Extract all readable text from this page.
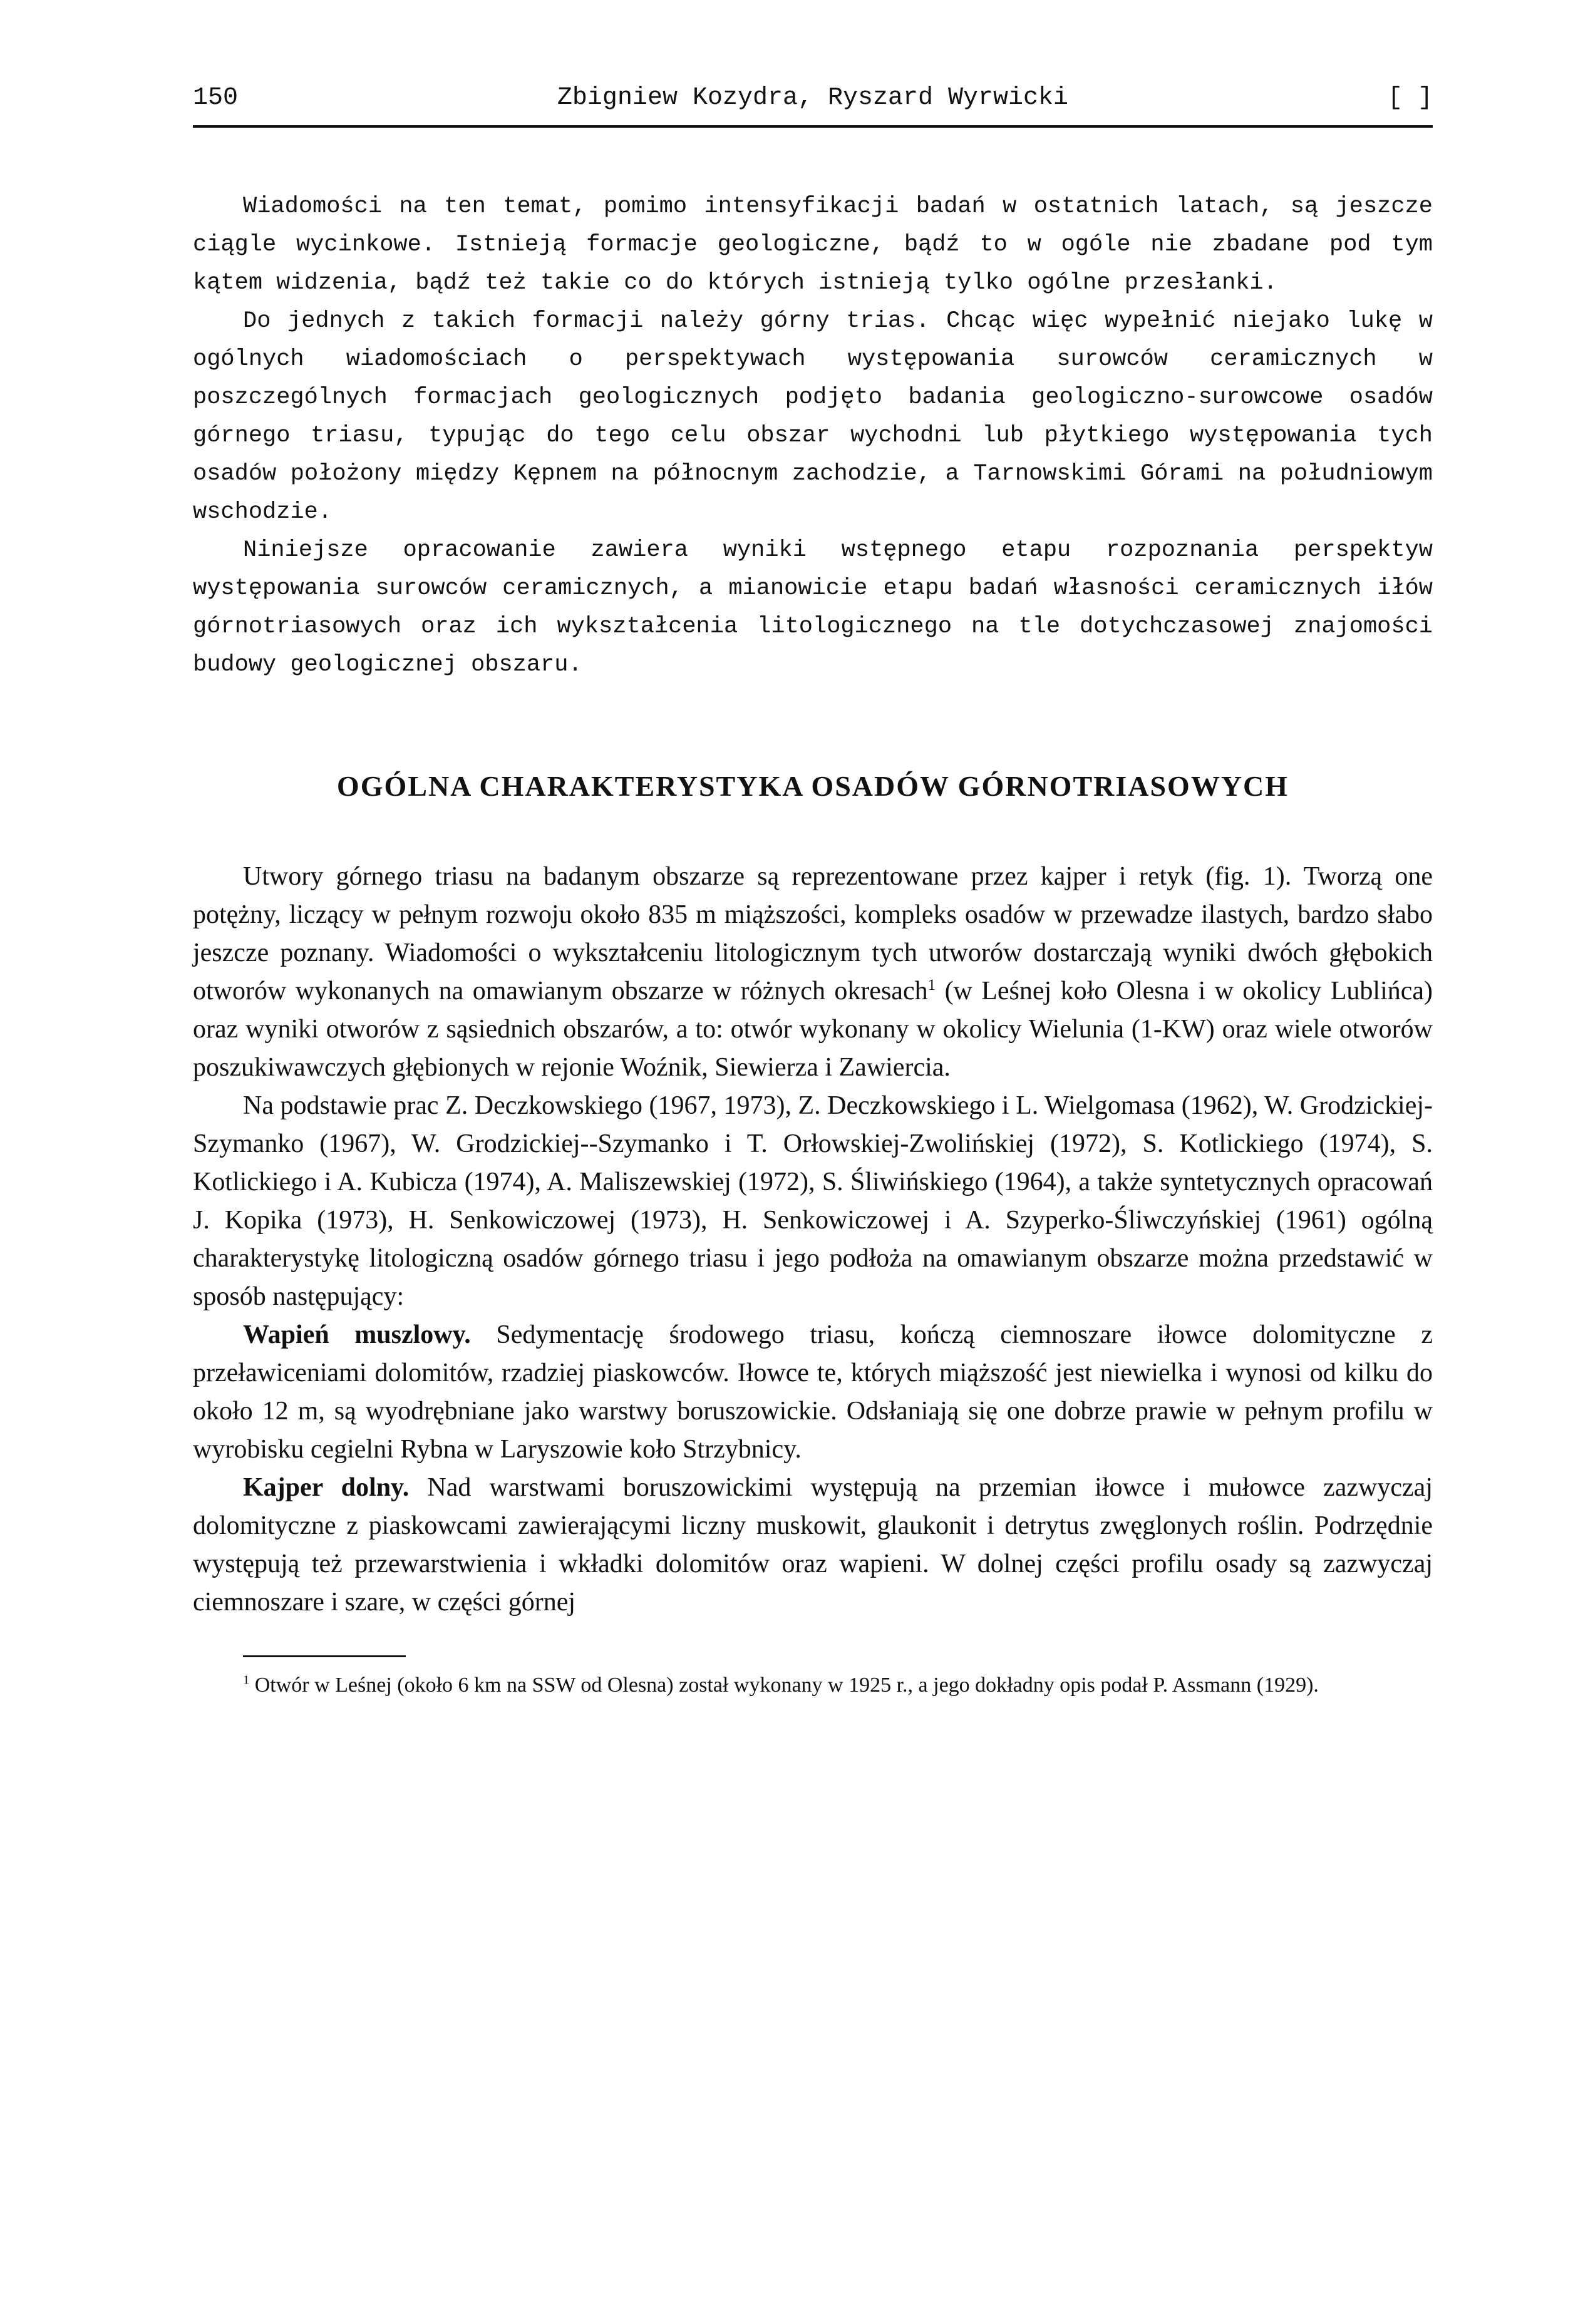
150	Zbigniew Kozydra, Ryszard Wyrwicki	[ ]

Wiadomości na ten temat, pomimo intensyfikacji badań w ostatnich latach, są jeszcze ciągle wycinkowe. Istnieją formacje geologiczne, bądź to w ogóle nie zbadane pod tym kątem widzenia, bądź też takie co do których istnieją tylko ogólne przesłanki.

Do jednych z takich formacji należy górny trias. Chcąc więc wypełnić niejako lukę w ogólnych wiadomościach o perspektywach występowania surowców ceramicznych w poszczególnych formacjach geologicznych podjęto badania geologiczno-surowcowe osadów górnego triasu, typując do tego celu obszar wychodni lub płytkiego występowania tych osadów położony między Kępnem na północnym zachodzie, a Tarnowskimi Górami na południowym wschodzie.

Niniejsze opracowanie zawiera wyniki wstępnego etapu rozpoznania perspektyw występowania surowców ceramicznych, a mianowicie etapu badań własności ceramicznych iłów górnotriasowych oraz ich wykształcenia litologicznego na tle dotychczasowej znajomości budowy geologicznej obszaru.

OGÓLNA CHARAKTERYSTYKA OSADÓW GÓRNOTRIASOWYCH

Utwory górnego triasu na badanym obszarze są reprezentowane przez kajper i retyk (fig. 1). Tworzą one potężny, liczący w pełnym rozwoju około 835 m miąższości, kompleks osadów w przewadze ilastych, bardzo słabo jeszcze poznany. Wiadomości o wykształceniu litologicznym tych utworów dostarczają wyniki dwóch głębokich otworów wykonanych na omawianym obszarze w różnych okresach$^1$ (w Leśnej koło Olesna i w okolicy Lublińca) oraz wyniki otworów z sąsiednich obszarów, a to: otwór wykonany w okolicy Wielunia (1-KW) oraz wiele otworów poszukiwawczych głębionych w rejonie Woźnik, Siewierza i Zawiercia.

Na podstawie prac Z. Deczkowskiego (1967, 1973), Z. Deczkowskiego i L. Wielgomasa (1962), W. Grodzickiej-Szymanko (1967), W. Grodzickiej--Szymanko i T. Orłowskiej-Zwolińskiej (1972), S. Kotlickiego (1974), S. Kotlickiego i A. Kubicza (1974), A. Maliszewskiej (1972), S. Śliwińskiego (1964), a także syntetycznych opracowań J. Kopika (1973), H. Senkowiczowej (1973), H. Senkowiczowej i A. Szyperko-Śliwczyńskiej (1961) ogólną charakterystykę litologiczną osadów górnego triasu i jego podłoża na omawianym obszarze można przedstawić w sposób następujący:

Wapień muszlowy. Sedymentację środowego triasu, kończą ciemnoszare iłowce dolomityczne z przeławiceniami dolomitów, rzadziej piaskowców. Iłowce te, których miąższość jest niewielka i wynosi od kilku do około 12 m, są wyodrębniane jako warstwy boruszowickie. Odsłaniają się one dobrze prawie w pełnym profilu w wyrobisku cegielni Rybna w Laryszowie koło Strzybnicy.

Kajper dolny. Nad warstwami boruszowickimi występują na przemian iłowce i mułowce zazwyczaj dolomityczne z piaskowcami zawierającymi liczny muskowit, glaukonit i detrytus zwęglonych roślin. Podrzędnie występują też przewarstwienia i wkładki dolomitów oraz wapieni. W dolnej części profilu osady są zazwyczaj ciemnoszare i szare, w części górnej

$^1$ Otwór w Leśnej (około 6 km na SSW od Olesna) został wykonany w 1925 r., a jego dokładny opis podał P. Assmann (1929).
